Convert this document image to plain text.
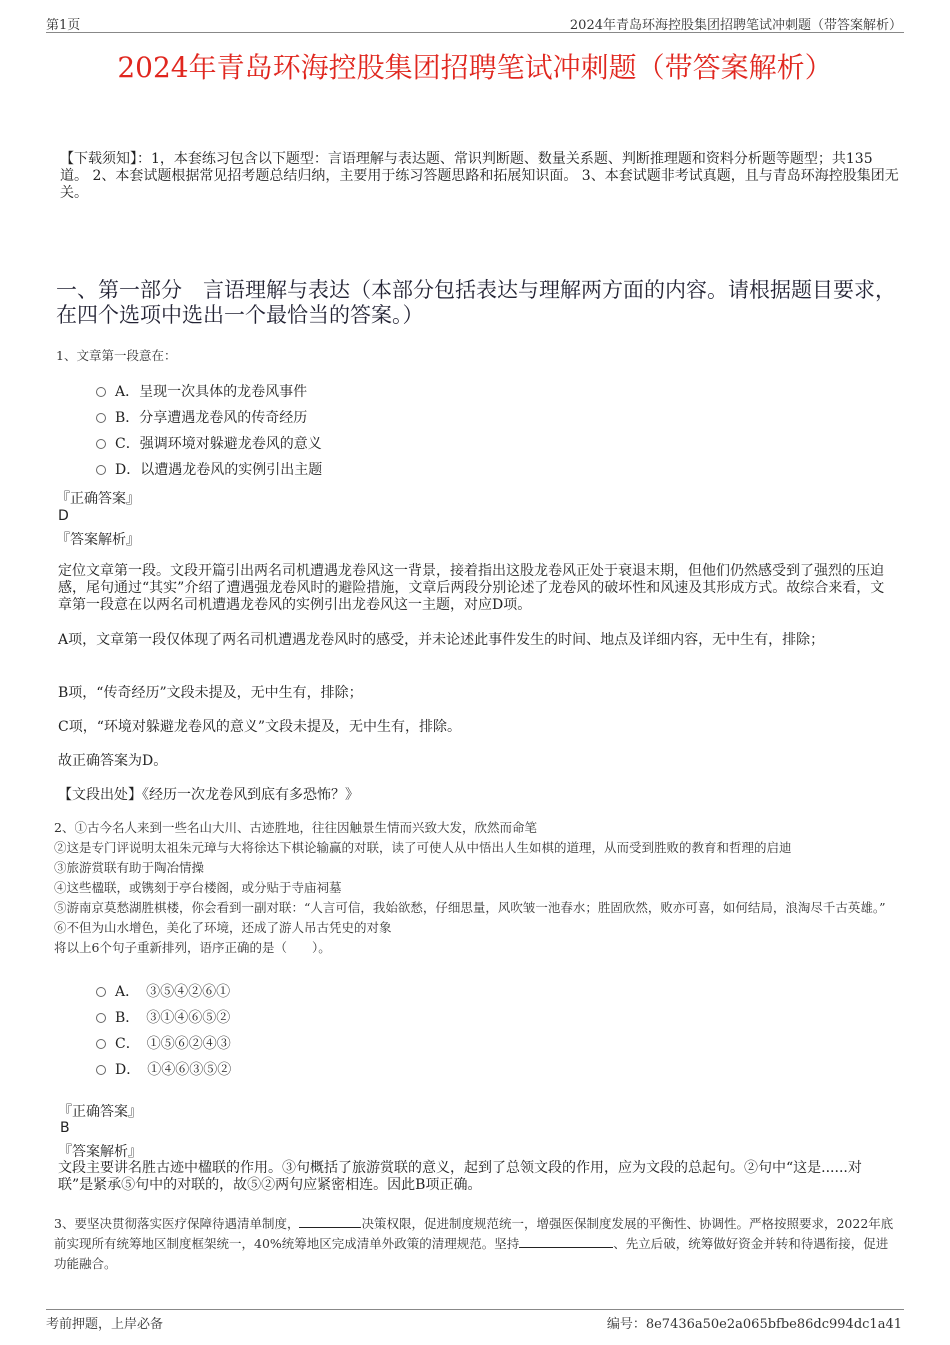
第1页	2024年青岛环海控股集团招聘笔试冲刺题（带答案解析）
2024年青岛环海控股集团招聘笔试冲刺题（带答案解析）
【下载须知】：1，本套练习包含以下题型：言语理解与表达题、常识判断题、数量关系题、判断推理题和资料分析题等题型；共135道。 2、本套试题根据常见招考题总结归纳，主要用于练习答题思路和拓展知识面。 3、本套试题非考试真题，且与青岛环海控股集团无关。
一、第一部分　言语理解与表达（本部分包括表达与理解两方面的内容。请根据题目要求，在四个选项中选出一个最恰当的答案。）
1、文章第一段意在：
A．呈现一次具体的龙卷风事件
B．分享遭遇龙卷风的传奇经历
C．强调环境对躲避龙卷风的意义
D．以遭遇龙卷风的实例引出主题
『正确答案』
D
『答案解析』
定位文章第一段。文段开篇引出两名司机遭遇龙卷风这一背景，接着指出这股龙卷风正处于衰退末期，但他们仍然感受到了强烈的压迫感，尾句通过“其实”介绍了遭遇强龙卷风时的避险措施，文章后两段分别论述了龙卷风的破坏性和风速及其形成方式。故综合来看，文章第一段意在以两名司机遭遇龙卷风的实例引出龙卷风这一主题，对应D项。
A项，文章第一段仅体现了两名司机遭遇龙卷风时的感受，并未论述此事件发生的时间、地点及详细内容，无中生有，排除；
B项，“传奇经历”文段未提及，无中生有，排除；
C项，“环境对躲避龙卷风的意义”文段未提及，无中生有，排除。
故正确答案为D。
【文段出处】《经历一次龙卷风到底有多恐怖？》
2、①古今名人来到一些名山大川、古迹胜地，往往因触景生情而兴致大发，欣然而命笔
②这是专门评说明太祖朱元璋与大将徐达下棋论输赢的对联，读了可使人从中悟出人生如棋的道理，从而受到胜败的教育和哲理的启迪
③旅游赏联有助于陶冶情操
④这些楹联，或镌刻于亭台楼阁，或分贴于寺庙祠墓
⑤游南京莫愁湖胜棋楼，你会看到一副对联：“人言可信，我始欲愁，仔细思量，风吹皱一池春水；胜固欣然，败亦可喜，如何结局，浪淘尽千古英雄。”
⑥不但为山水增色，美化了环境，还成了游人吊古凭史的对象
将以上6个句子重新排列，语序正确的是（　　）。
A．　③⑤④②⑥①
B．　③①④⑥⑤②
C．　①⑤⑥②④③
D．　①④⑥③⑤②
『正确答案』
B
『答案解析』
文段主要讲名胜古迹中楹联的作用。③句概括了旅游赏联的意义，起到了总领文段的作用，应为文段的总起句。②句中“这是......对联”是紧承⑤句中的对联的，故⑤②两句应紧密相连。因此B项正确。
3、要坚决贯彻落实医疗保障待遇清单制度，	决策权限，促进制度规范统一，增强医保制度发展的平衡性、协调性。严格按照要求，2022年底前实现所有统筹地区制度框架统一，40%统筹地区完成清单外政策的清理规范。坚持	、先立后破，统筹做好资金并转和待遇衔接，促进功能融合。
考前押题，上岸必备	编号：8e7436a50e2a065bfbe86dc994dc1a41
